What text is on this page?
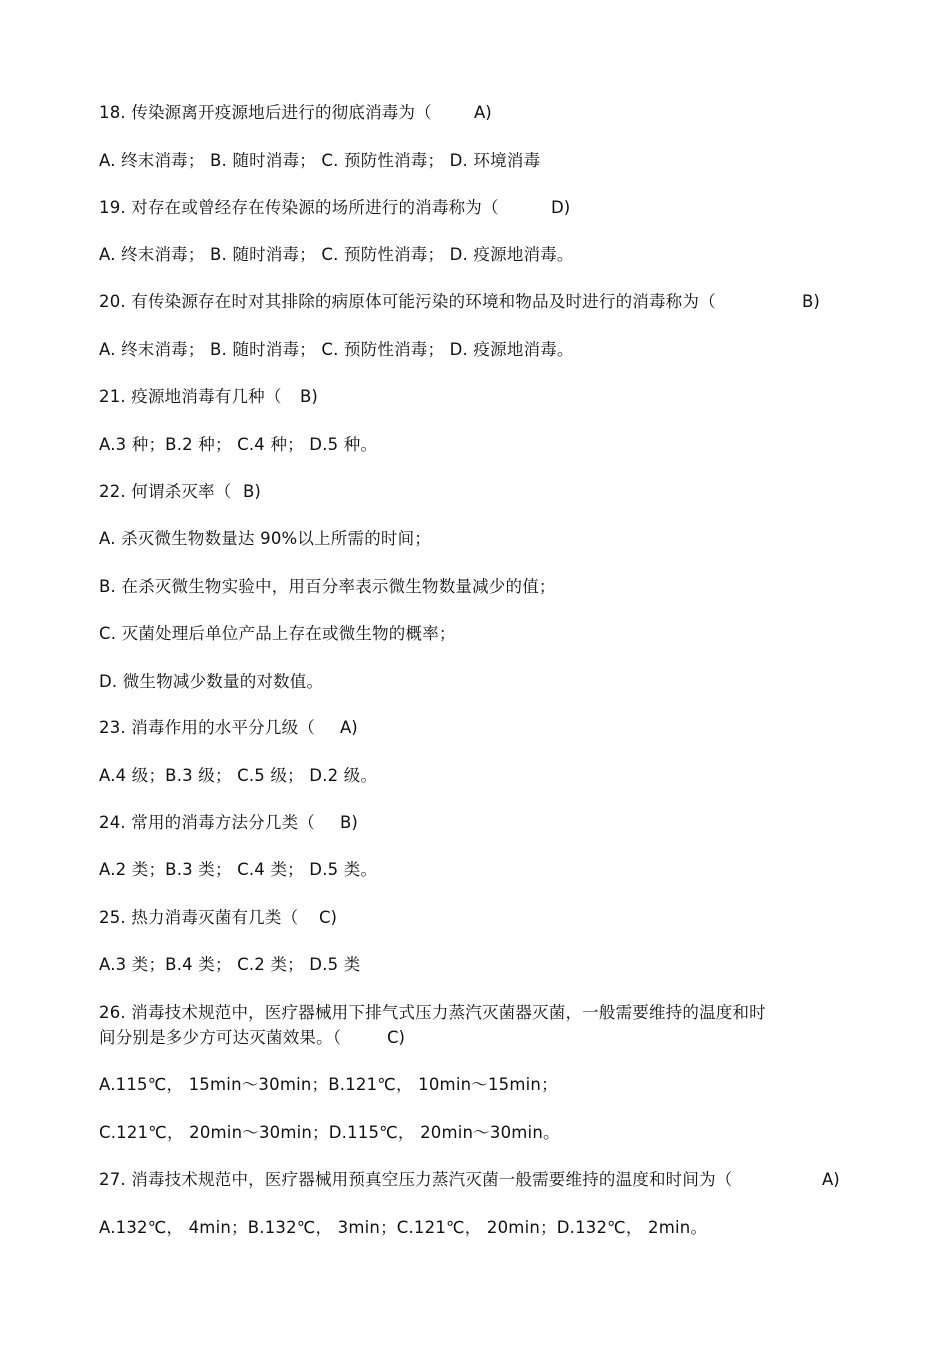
18. 传染源离开疫源地后进行的彻底消毒为（	A)
A. 终末消毒； B. 随时消毒； C. 预防性消毒； D. 环境消毒
19. 对存在或曾经存在传染源的场所进行的消毒称为（	D)
A. 终末消毒； B. 随时消毒； C. 预防性消毒； D. 疫源地消毒。
20. 有传染源存在时对其排除的病原体可能污染的环境和物品及时进行的消毒称为（	B)
A. 终末消毒； B. 随时消毒； C. 预防性消毒； D. 疫源地消毒。
21. 疫源地消毒有几种（ B)
A.3 种；B.2 种； C.4 种； D.5 种。
22. 何谓杀灭率（ B)
A. 杀灭微生物数量达 90%以上所需的时间；
B. 在杀灭微生物实验中，用百分率表示微生物数量减少的值；
C. 灭菌处理后单位产品上存在或微生物的概率；
D. 微生物减少数量的对数值。
23. 消毒作用的水平分几级（ A)
A.4 级；B.3 级； C.5 级； D.2 级。
24. 常用的消毒方法分几类（ B)
A.2 类；B.3 类； C.4 类； D.5 类。
25. 热力消毒灭菌有几类（ C)
A.3 类；B.4 类； C.2 类； D.5 类
26. 消毒技术规范中，医疗器械用下排气式压力蒸汽灭菌器灭菌，一般需要维持的温度和时
间分别是多少方可达灭菌效果。（	C)
A.115℃， 15min～30min；B.121℃， 10min～15min；
C.121℃， 20min～30min；D.115℃， 20min～30min。
27. 消毒技术规范中，医疗器械用预真空压力蒸汽灭菌一般需要维持的温度和时间为（	A)
A.132℃， 4min；B.132℃， 3min；C.121℃， 20min；D.132℃， 2min。
